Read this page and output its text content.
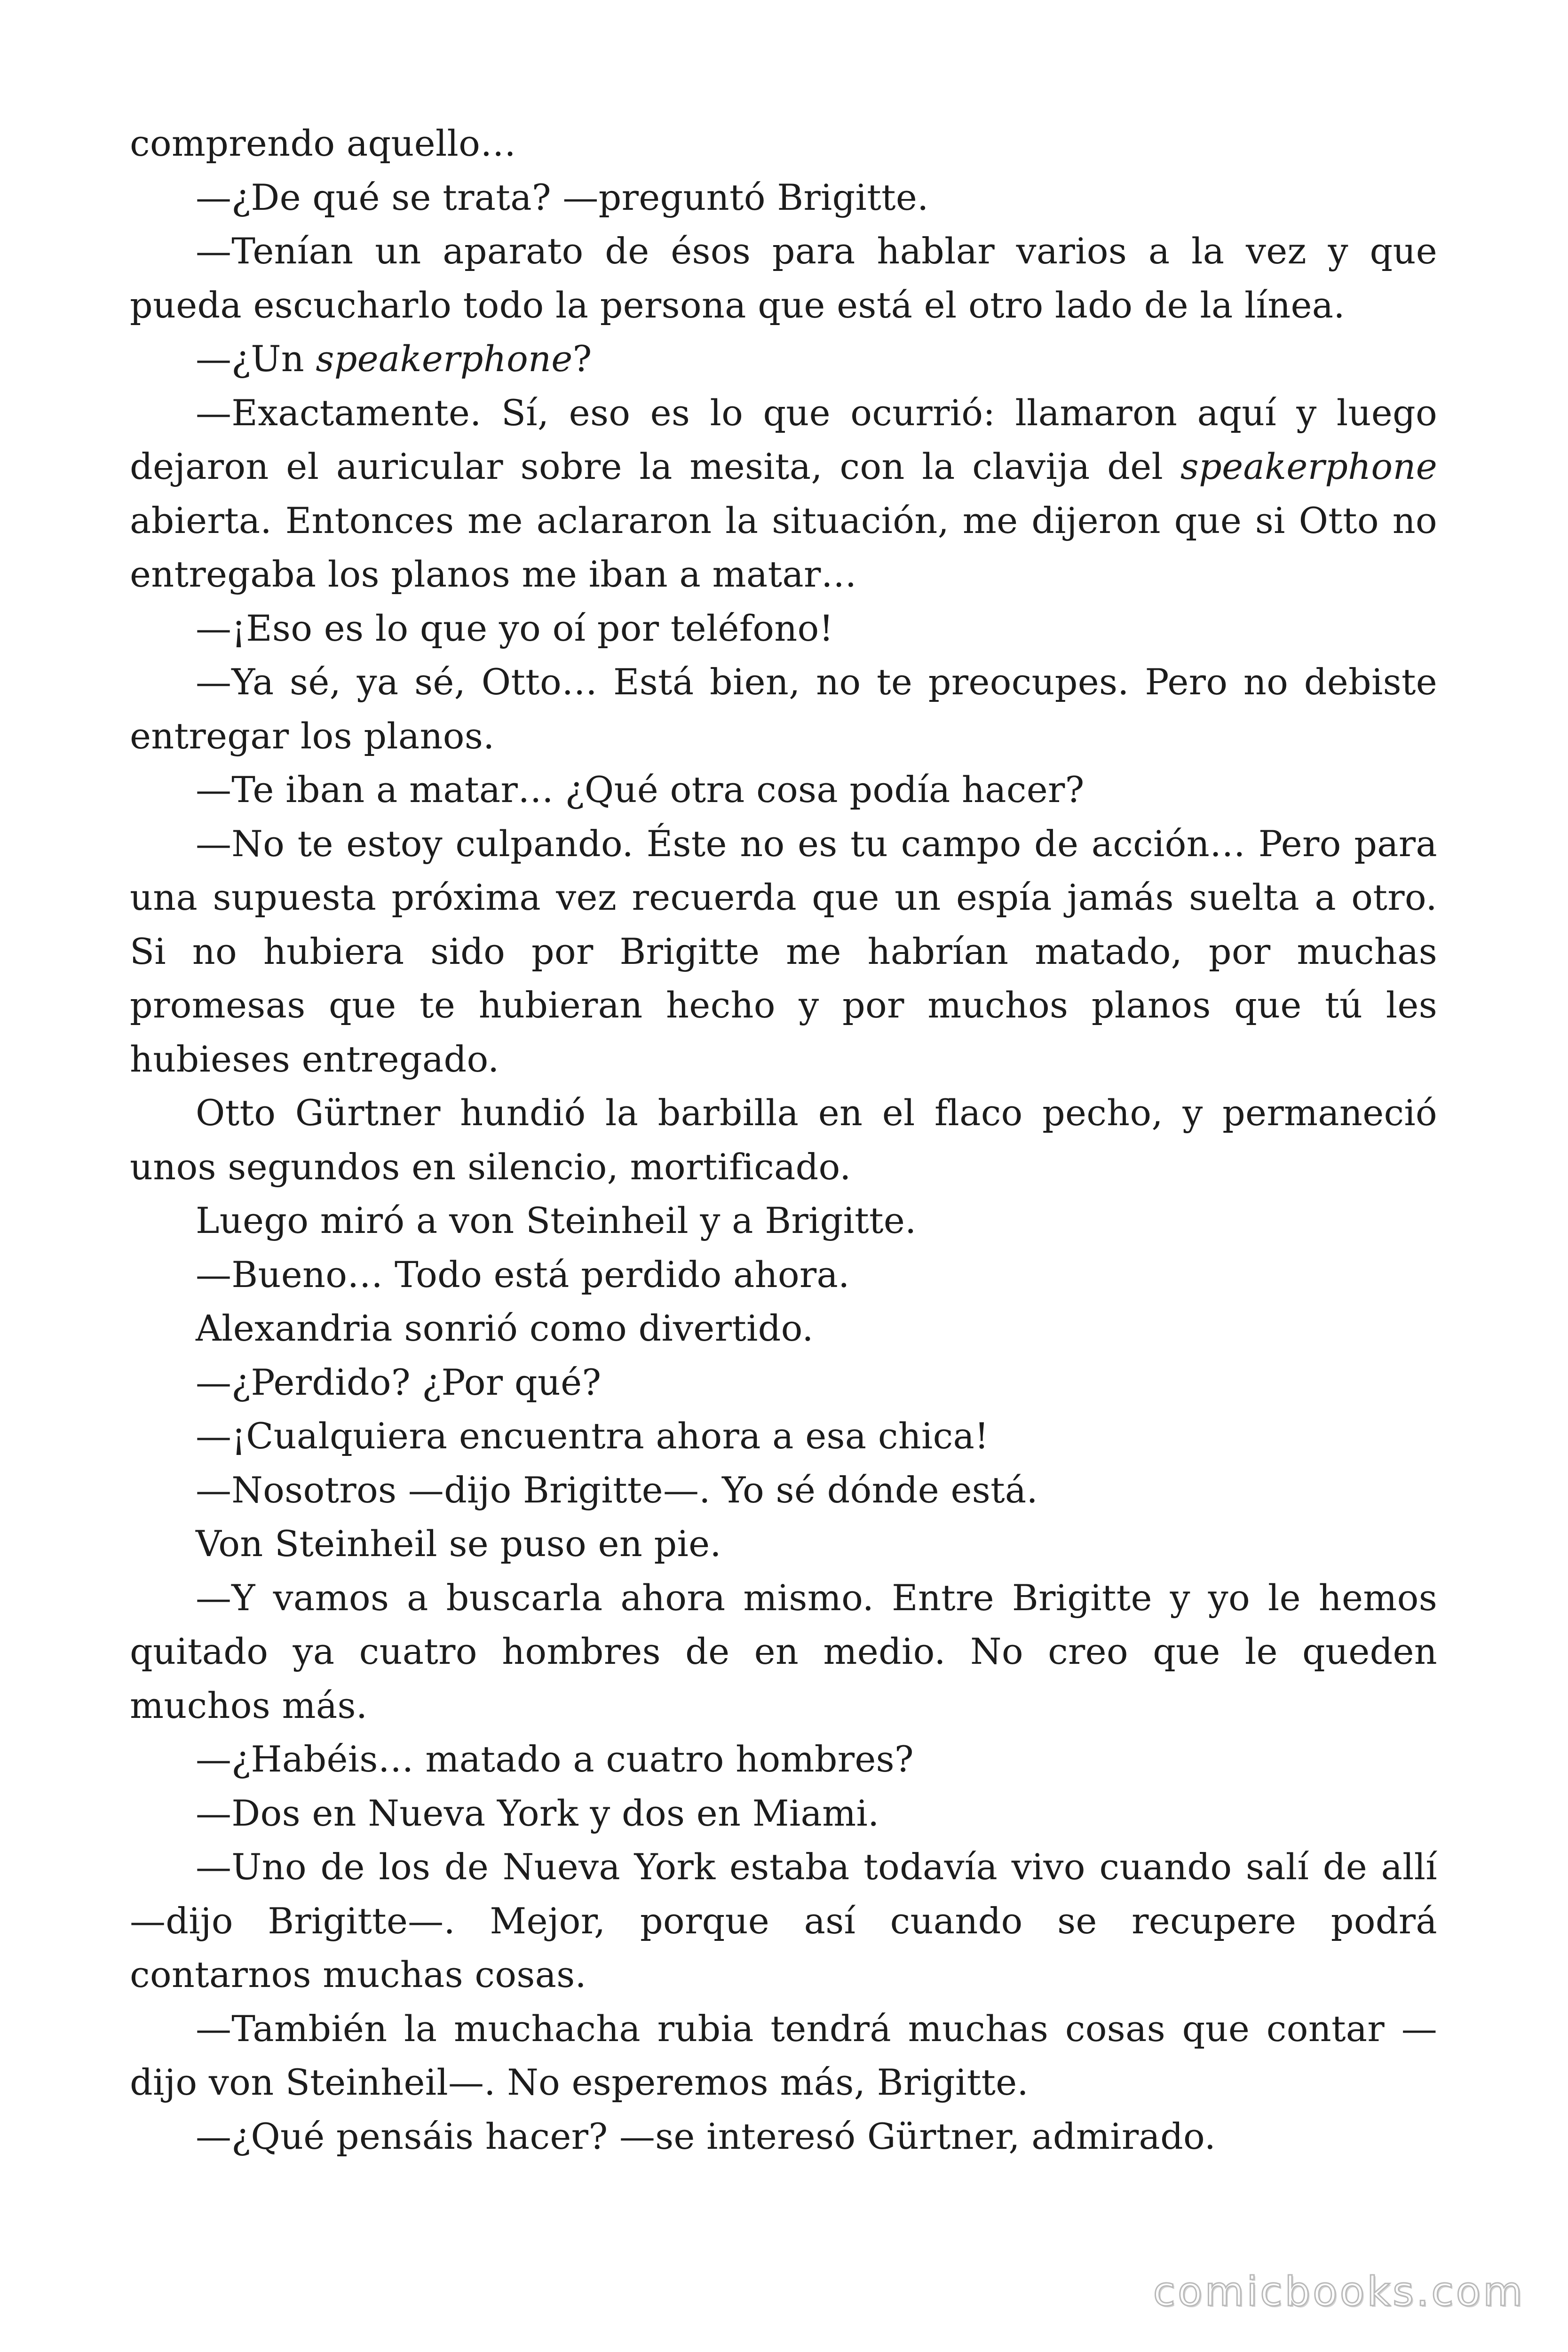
comprendo aquello…

—¿De qué se trata? —preguntó Brigitte.

—Tenían un aparato de ésos para hablar varios a la vez y que pueda escucharlo todo la persona que está el otro lado de la línea.

—¿Un speakerphone?

—Exactamente. Sí, eso es lo que ocurrió: llamaron aquí y luego dejaron el auricular sobre la mesita, con la clavija del speakerphone abierta. Entonces me aclararon la situación, me dijeron que si Otto no entregaba los planos me iban a matar…

—¡Eso es lo que yo oí por teléfono!

—Ya sé, ya sé, Otto… Está bien, no te preocupes. Pero no debiste entregar los planos.

—Te iban a matar… ¿Qué otra cosa podía hacer?

—No te estoy culpando. Éste no es tu campo de acción… Pero para una supuesta próxima vez recuerda que un espía jamás suelta a otro. Si no hubiera sido por Brigitte me habrían matado, por muchas promesas que te hubieran hecho y por muchos planos que tú les hubieses entregado.

Otto Gürtner hundió la barbilla en el flaco pecho, y permaneció unos segundos en silencio, mortificado.

Luego miró a von Steinheil y a Brigitte.

—Bueno… Todo está perdido ahora.

Alexandria sonrió como divertido.

—¿Perdido? ¿Por qué?

—¡Cualquiera encuentra ahora a esa chica!

—Nosotros —dijo Brigitte—. Yo sé dónde está.

Von Steinheil se puso en pie.

—Y vamos a buscarla ahora mismo. Entre Brigitte y yo le hemos quitado ya cuatro hombres de en medio. No creo que le queden muchos más.

—¿Habéis… matado a cuatro hombres?

—Dos en Nueva York y dos en Miami.

—Uno de los de Nueva York estaba todavía vivo cuando salí de allí —dijo Brigitte—. Mejor, porque así cuando se recupere podrá contarnos muchas cosas.

—También la muchacha rubia tendrá muchas cosas que contar —dijo von Steinheil—. No esperemos más, Brigitte.

—¿Qué pensáis hacer? —se interesó Gürtner, admirado.

comicbooks.com
